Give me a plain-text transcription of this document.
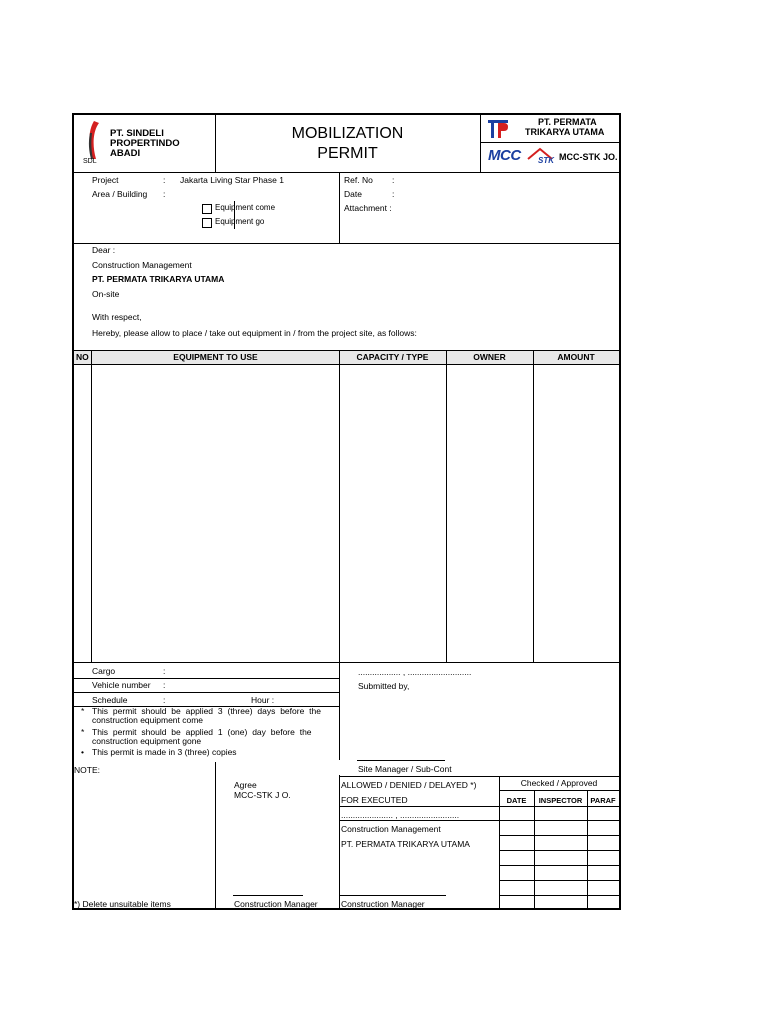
SDL
PT. SINDELI
PROPERTINDO
ABADI
MOBILIZATION
PERMIT
PT. PERMATA
TRIKARYA UTAMA
MCC STK MCC-STK JO.
Project	: Jakarta Living Star Phase 1
Area / Building :
Equipment come
Equipment go
Ref. No :
Date	:
Attachment :
Dear :
Construction Management
PT. PERMATA TRIKARYA UTAMA
On-site
With respect,
Hereby, please allow to place / take out equipment in / from the project site, as follows:
NO	EQUIPMENT TO USE	CAPACITY / TYPE	OWNER	AMOUNT
Cargo	:
Vehicle number :
Schedule	:	Hour :
* This permit should be applied 3 (three) days before the
construction equipment come
* This permit should be applied 1 (one) day before the
construction equipment gone
• This permit is made in 3 (three) copies
.................. , ...........................
Submitted by,
Site Manager / Sub-Cont
NOTE:
Agree
MCC-STK J O.
*) Delete unsuitable items	Construction Manager
ALLOWED / DENIED / DELAYED *)
FOR EXECUTED
...................... , .........................
Construction Management
PT. PERMATA TRIKARYA UTAMA
Construction Manager
Checked / Approved
DATE	INSPECTOR	PARAF
